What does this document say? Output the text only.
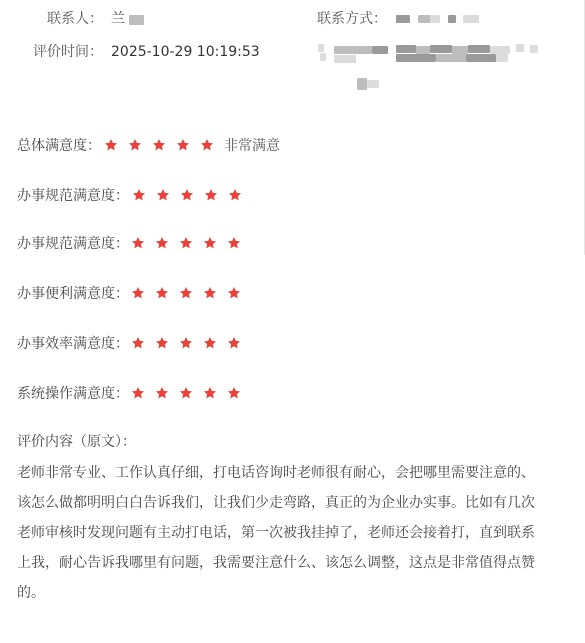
联系人： 兰	联系方式：
评价时间： 2025-10-29 10:19:53
总体满意度：	非常满意
办事规范满意度：
办事规范满意度：
办事便利满意度：
办事效率满意度：
系统操作满意度：
评价内容（原文）：
老师非常专业、工作认真仔细，打电话咨询时老师很有耐心，会把哪里需要注意的、该怎么做都明明白白告诉我们，让我们少走弯路，真正的为企业办实事。比如有几次老师审核时发现问题有主动打电话，第一次被我挂掉了，老师还会接着打，直到联系上我，耐心告诉我哪里有问题，我需要注意什么、该怎么调整，这点是非常值得点赞的。
